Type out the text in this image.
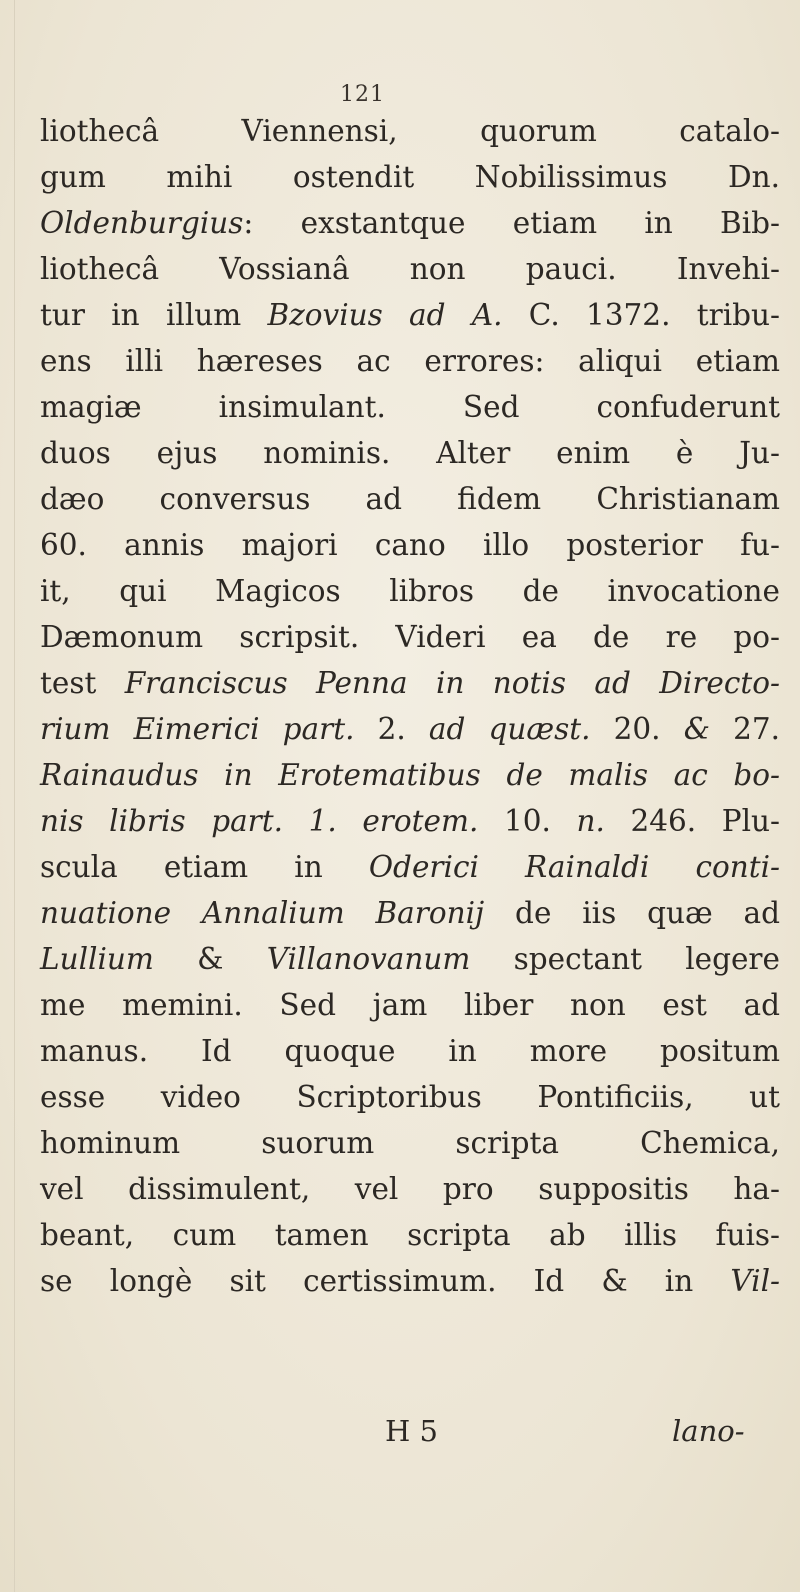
121
liothecâ Viennensi, quorum catalo-
gum mihi ostendit Nobilissimus Dn.
Oldenburgius: exstantque etiam in Bib-
liothecâ Vossianâ non pauci. Invehi-
tur in illum Bzovius ad A. C. 1372. tribu-
ens illi hæreses ac errores: aliqui etiam
magiæ insimulant. Sed confuderunt
duos ejus nominis. Alter enim è Ju-
dæo conversus ad fidem Christianam
60. annis majori cano illo posterior fu-
it, qui Magicos libros de invocatione
Dæmonum scripsit. Videri ea de re po-
test Franciscus Penna in notis ad Directo-
rium Eimerici part. 2. ad quæst. 20. & 27.
Rainaudus in Erotematibus de malis ac bo-
nis libris part. 1. erotem. 10. n. 246. Plu-
scula etiam in Oderici Rainaldi conti-
nuatione Annalium Baronij de iis quæ ad
Lullium & Villanovanum spectant legere
me memini. Sed jam liber non est ad
manus. Id quoque in more positum
esse video Scriptoribus Pontificiis, ut
hominum suorum scripta Chemica,
vel dissimulent, vel pro suppositis ha-
beant, cum tamen scripta ab illis fuis-
se longè sit certissimum. Id & in Vil-
H 5	lano-
